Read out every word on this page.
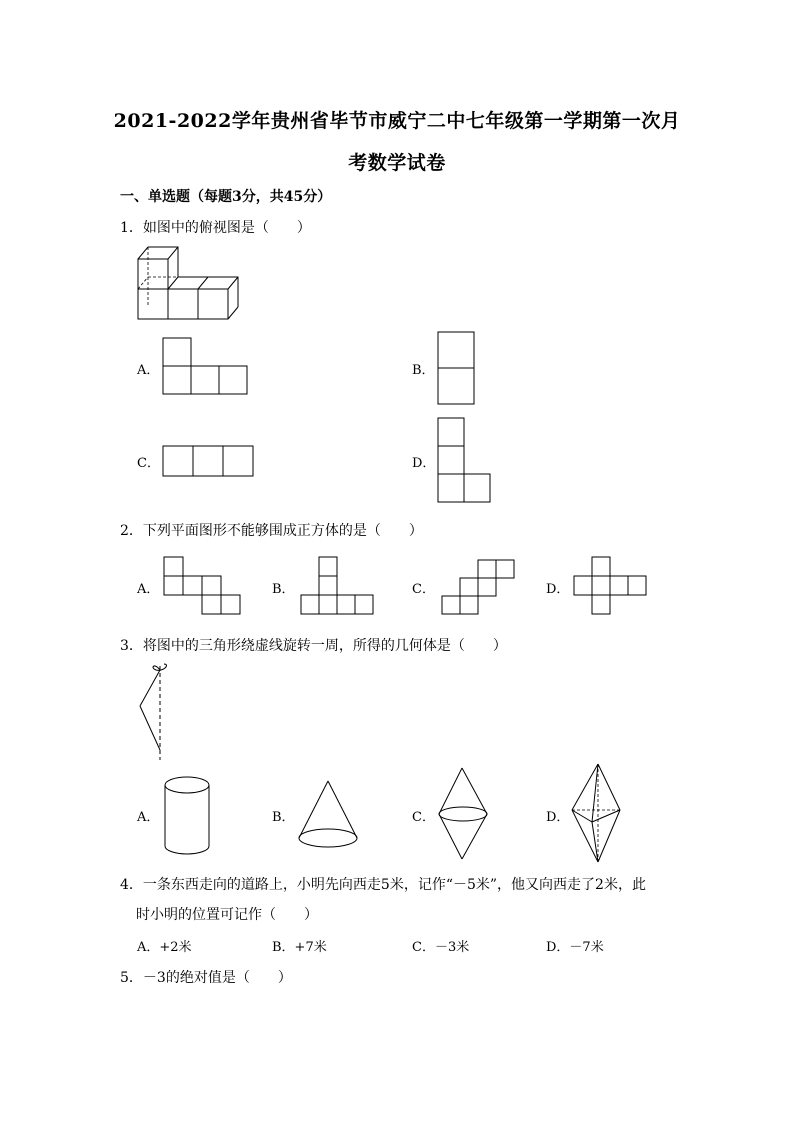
2021-2022学年贵州省毕节市威宁二中七年级第一学期第一次月
考数学试卷
一、单选题（每题3分，共45分）
1．如图中的俯视图是（　　）
A．	B．
C．	D．
2．下列平面图形不能够围成正方体的是（　　）
A．	B．	C．	D．
3．将图中的三角形绕虚线旋转一周，所得的几何体是（　　）
A．	B．	C．	D．
4．一条东西走向的道路上，小明先向西走5米，记作“－5米”，他又向西走了2米，此
时小明的位置可记作（　　）
A．+2米	B．+7米	C．－3米	D．－7米
5．－3的绝对值是（　　）
